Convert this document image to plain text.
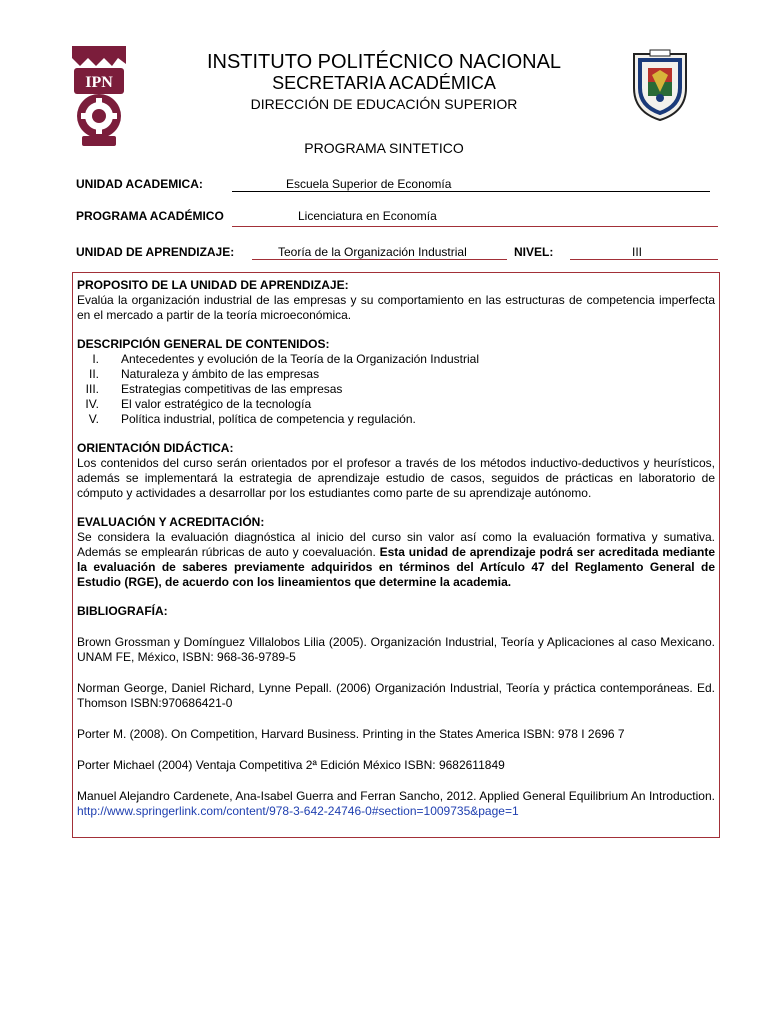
IPN
INSTITUTO POLITÉCNICO NACIONAL
SECRETARIA ACADÉMICA
DIRECCIÓN DE EDUCACIÓN SUPERIOR
PROGRAMA SINTETICO
UNIDAD ACADEMICA:	Escuela Superior de Economía
PROGRAMA ACADÉMICO	Licenciatura en Economía
UNIDAD DE APRENDIZAJE:	Teoría de la Organización Industrial	NIVEL:	III
PROPOSITO DE LA UNIDAD DE APRENDIZAJE:
Evalúa la organización industrial de las empresas y su comportamiento en las estructuras de competencia imperfecta en el mercado a partir de la teoría microeconómica.
DESCRIPCIÓN GENERAL DE CONTENIDOS:
I. Antecedentes y evolución de la Teoría de la Organización Industrial
II. Naturaleza y ámbito de las empresas
III. Estrategias competitivas de las empresas
IV. El valor estratégico de la tecnología
V. Política industrial, política de competencia y regulación.
ORIENTACIÓN DIDÁCTICA:
Los contenidos del curso serán orientados por el profesor a través de los métodos inductivo-deductivos y heurísticos, además se implementará la estrategia de aprendizaje estudio de casos, seguidos de prácticas en laboratorio de cómputo y actividades a desarrollar por los estudiantes como parte de su aprendizaje autónomo.
EVALUACIÓN Y ACREDITACIÓN:
Se considera la evaluación diagnóstica al inicio del curso sin valor así como la evaluación formativa y sumativa. Además se emplearán rúbricas de auto y coevaluación. Esta unidad de aprendizaje podrá ser acreditada mediante la evaluación de saberes previamente adquiridos en términos del Artículo 47 del Reglamento General de Estudio (RGE), de acuerdo con los lineamientos que determine la academia.
BIBLIOGRAFÍA:
Brown Grossman y Domínguez Villalobos Lilia (2005). Organización Industrial, Teoría y Aplicaciones al caso Mexicano. UNAM FE, México, ISBN: 968-36-9789-5
Norman George, Daniel Richard, Lynne Pepall. (2006) Organización Industrial, Teoría y práctica contemporáneas. Ed. Thomson ISBN:970686421-0
Porter M. (2008). On Competition, Harvard Business. Printing in the States America ISBN: 978 I 2696 7
Porter Michael (2004) Ventaja Competitiva 2ª Edición México ISBN: 9682611849
Manuel Alejandro Cardenete, Ana-Isabel Guerra and Ferran Sancho, 2012. Applied General Equilibrium An Introduction. http://www.springerlink.com/content/978-3-642-24746-0#section=1009735&page=1
